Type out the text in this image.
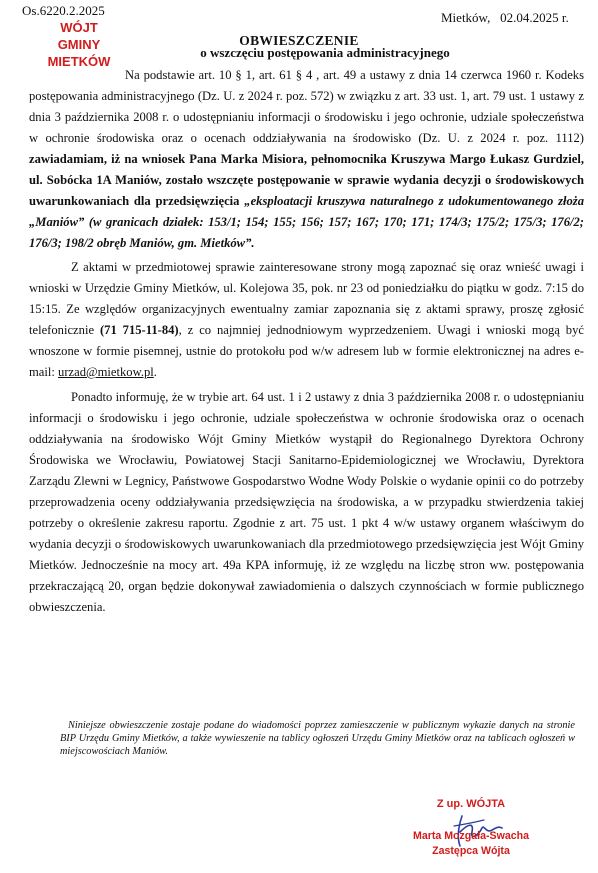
Os.6220.2.2025
WÓJT GMINY
MIETKÓW
Mietków,   02.04.2025 r.
OBWIESZCZENIE
o wszczęciu postępowania administracyjnego

Na podstawie art. 10 § 1, art. 61 § 4 , art. 49 a ustawy z dnia 14 czerwca 1960 r. Kodeks postępowania administracyjnego (Dz. U. z 2024 r. poz. 572) w związku z art. 33 ust. 1, art. 79 ust. 1 ustawy z dnia 3 października 2008 r. o udostępnianiu informacji o środowisku i jego ochronie, udziale społeczeństwa w ochronie środowiska oraz o ocenach oddziaływania na środowisko (Dz. U. z 2024 r. poz. 1112) zawiadamiam, iż na wniosek Pana Marka Misiora, pełnomocnika Kruszywa Margo Łukasz Gurdziel, ul. Sobócka 1A Maniów, zostało wszczęte postępowanie w sprawie wydania decyzji o środowiskowych uwarunkowaniach dla przedsięwzięcia „eksploatacji kruszywa naturalnego z udokumentowanego złoża „Maniów” (w granicach działek: 153/1; 154; 155; 156; 157; 167; 170; 171; 174/3; 175/2; 175/3; 176/2; 176/3; 198/2 obręb Maniów, gm. Mietków”.

Z aktami w przedmiotowej sprawie zainteresowane strony mogą zapoznać się oraz wnieść uwagi i wnioski w Urzędzie Gminy Mietków, ul. Kolejowa 35, pok. nr 23 od poniedziałku do piątku w godz. 7:15 do 15:15. Ze względów organizacyjnych ewentualny zamiar zapoznania się z aktami sprawy, proszę zgłosić telefonicznie (71 715-11-84), z co najmniej jednodniowym wyprzedzeniem. Uwagi i wnioski mogą być wnoszone w formie pisemnej, ustnie do protokołu pod w/w adresem lub w formie elektronicznej na adres e-mail: urzad@mietkow.pl.

Ponadto informuję, że w trybie art. 64 ust. 1 i 2 ustawy z dnia 3 października 2008 r. o udostępnianiu informacji o środowisku i jego ochronie, udziale społeczeństwa w ochronie środowiska oraz o ocenach oddziaływania na środowisko Wójt Gminy Mietków wystąpił do Regionalnego Dyrektora Ochrony Środowiska we Wrocławiu, Powiatowej Stacji Sanitarno-Epidemiologicznej we Wrocławiu, Dyrektora Zarządu Zlewni w Legnicy, Państwowe Gospodarstwo Wodne Wody Polskie o wydanie opinii co do potrzeby przeprowadzenia oceny oddziaływania przedsięwzięcia na środowiska, a w przypadku stwierdzenia takiej potrzeby o określenie zakresu raportu. Zgodnie z art. 75 ust. 1 pkt 4 w/w ustawy organem właściwym do wydania decyzji o środowiskowych uwarunkowaniach dla przedmiotowego przedsięwzięcia jest Wójt Gminy Mietków. Jednocześnie na mocy art. 49a KPA informuję, iż ze względu na liczbę stron ww. postępowania przekraczającą 20, organ będzie dokonywał zawiadomienia o dalszych czynnościach w formie publicznego obwieszczenia.

Niniejsze obwieszczenie zostaje podane do wiadomości poprzez zamieszczenie w publicznym wykazie danych na stronie BIP Urzędu Gminy Mietków, a także wywieszenie na tablicy ogłoszeń Urzędu Gminy Mietków oraz na tablicach ogłoszeń w miejscowościach Maniów.
Z up. WÓJTA
Marta Mozgała-Swacha
Zastępca Wójta
